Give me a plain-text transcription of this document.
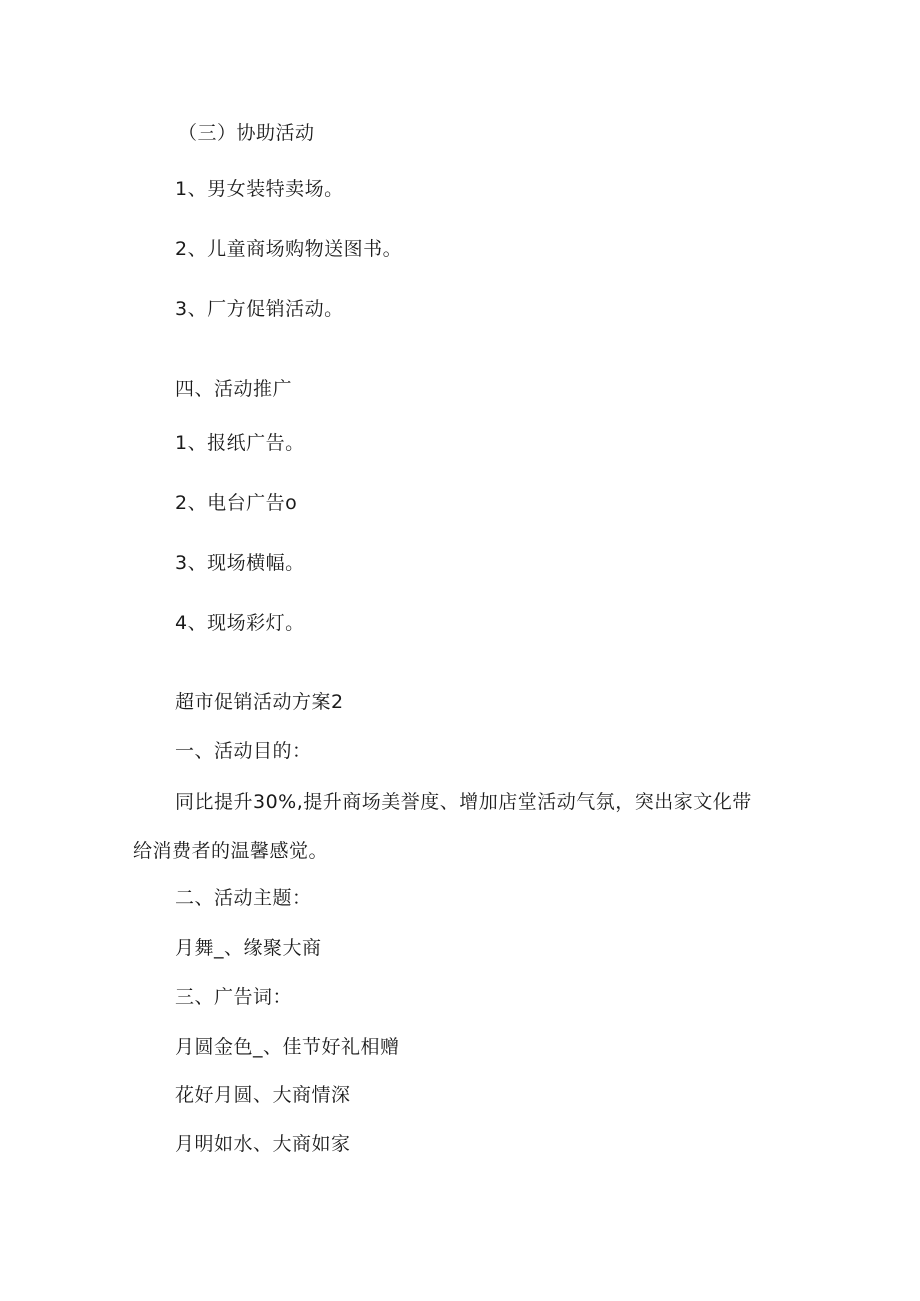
（三）协助活动
1、男女装特卖场。
2、儿童商场购物送图书。
3、厂方促销活动。
四、活动推广
1、报纸广告。
2、电台广告o
3、现场横幅。
4、现场彩灯。
超市促销活动方案2
一、活动目的：
同比提升30%,提升商场美誉度、增加店堂活动气氛，突出家文化带
给消费者的温馨感觉。
二、活动主题：
月舞_、缘聚大商
三、广告词：
月圆金色_、佳节好礼相赠
花好月圆、大商情深
月明如水、大商如家
